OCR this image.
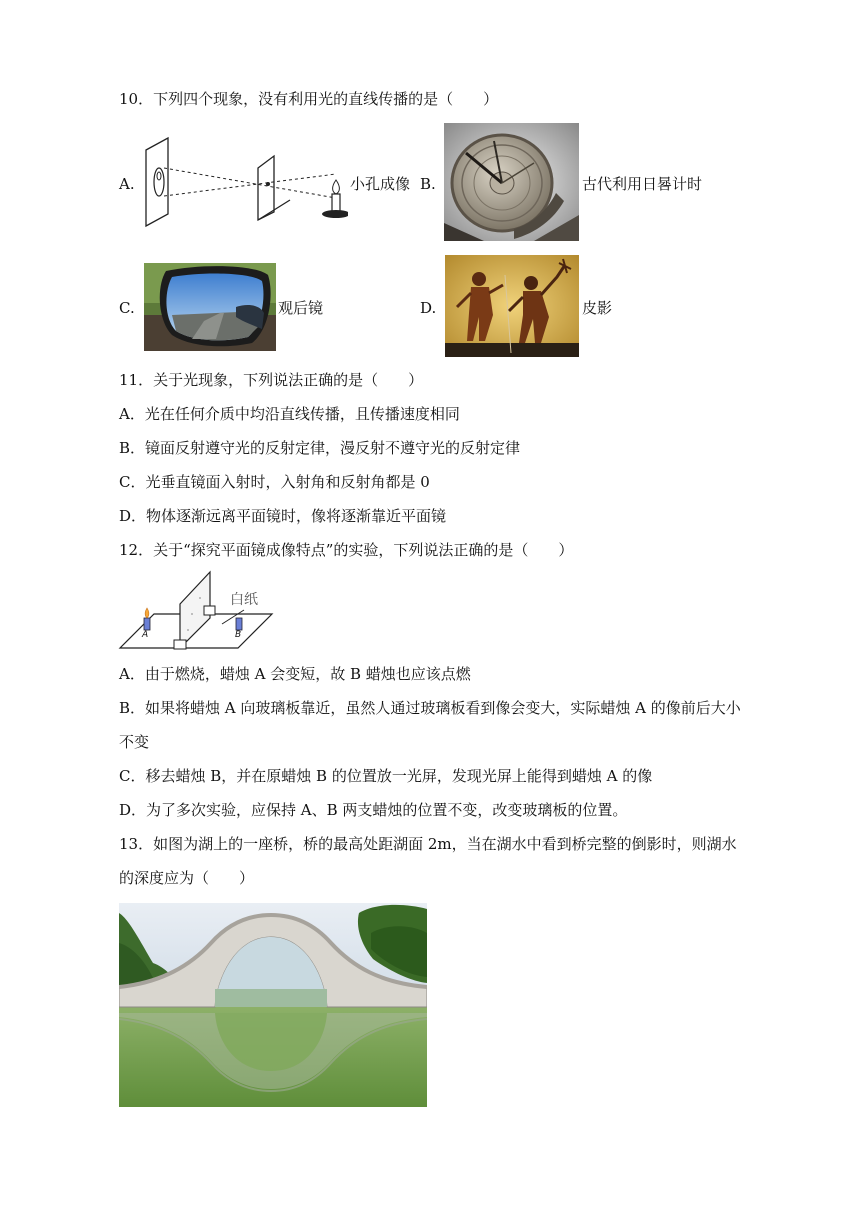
10．下列四个现象，没有利用光的直线传播的是（　　）
A.	小孔成像 B.	古代利用日晷计时
C.	观后镜	D.	皮影
11．关于光现象，下列说法正确的是（　　）
A．光在任何介质中均沿直线传播，且传播速度相同
B．镜面反射遵守光的反射定律，漫反射不遵守光的反射定律
C．光垂直镜面入射时，入射角和反射角都是 0
D．物体逐渐远离平面镜时，像将逐渐靠近平面镜
12．关于“探究平面镜成像特点”的实验，下列说法正确的是（　　）
白纸
A	B
A．由于燃烧，蜡烛 A 会变短，故 B 蜡烛也应该点燃
B．如果将蜡烛 A 向玻璃板靠近，虽然人通过玻璃板看到像会变大，实际蜡烛 A 的像前后大小
不变
C．移去蜡烛 B，并在原蜡烛 B 的位置放一光屏，发现光屏上能得到蜡烛 A 的像
D．为了多次实验，应保持 A、B 两支蜡烛的位置不变，改变玻璃板的位置。
13．如图为湖上的一座桥，桥的最高处距湖面 2m，当在湖水中看到桥完整的倒影时，则湖水
的深度应为（　　）
